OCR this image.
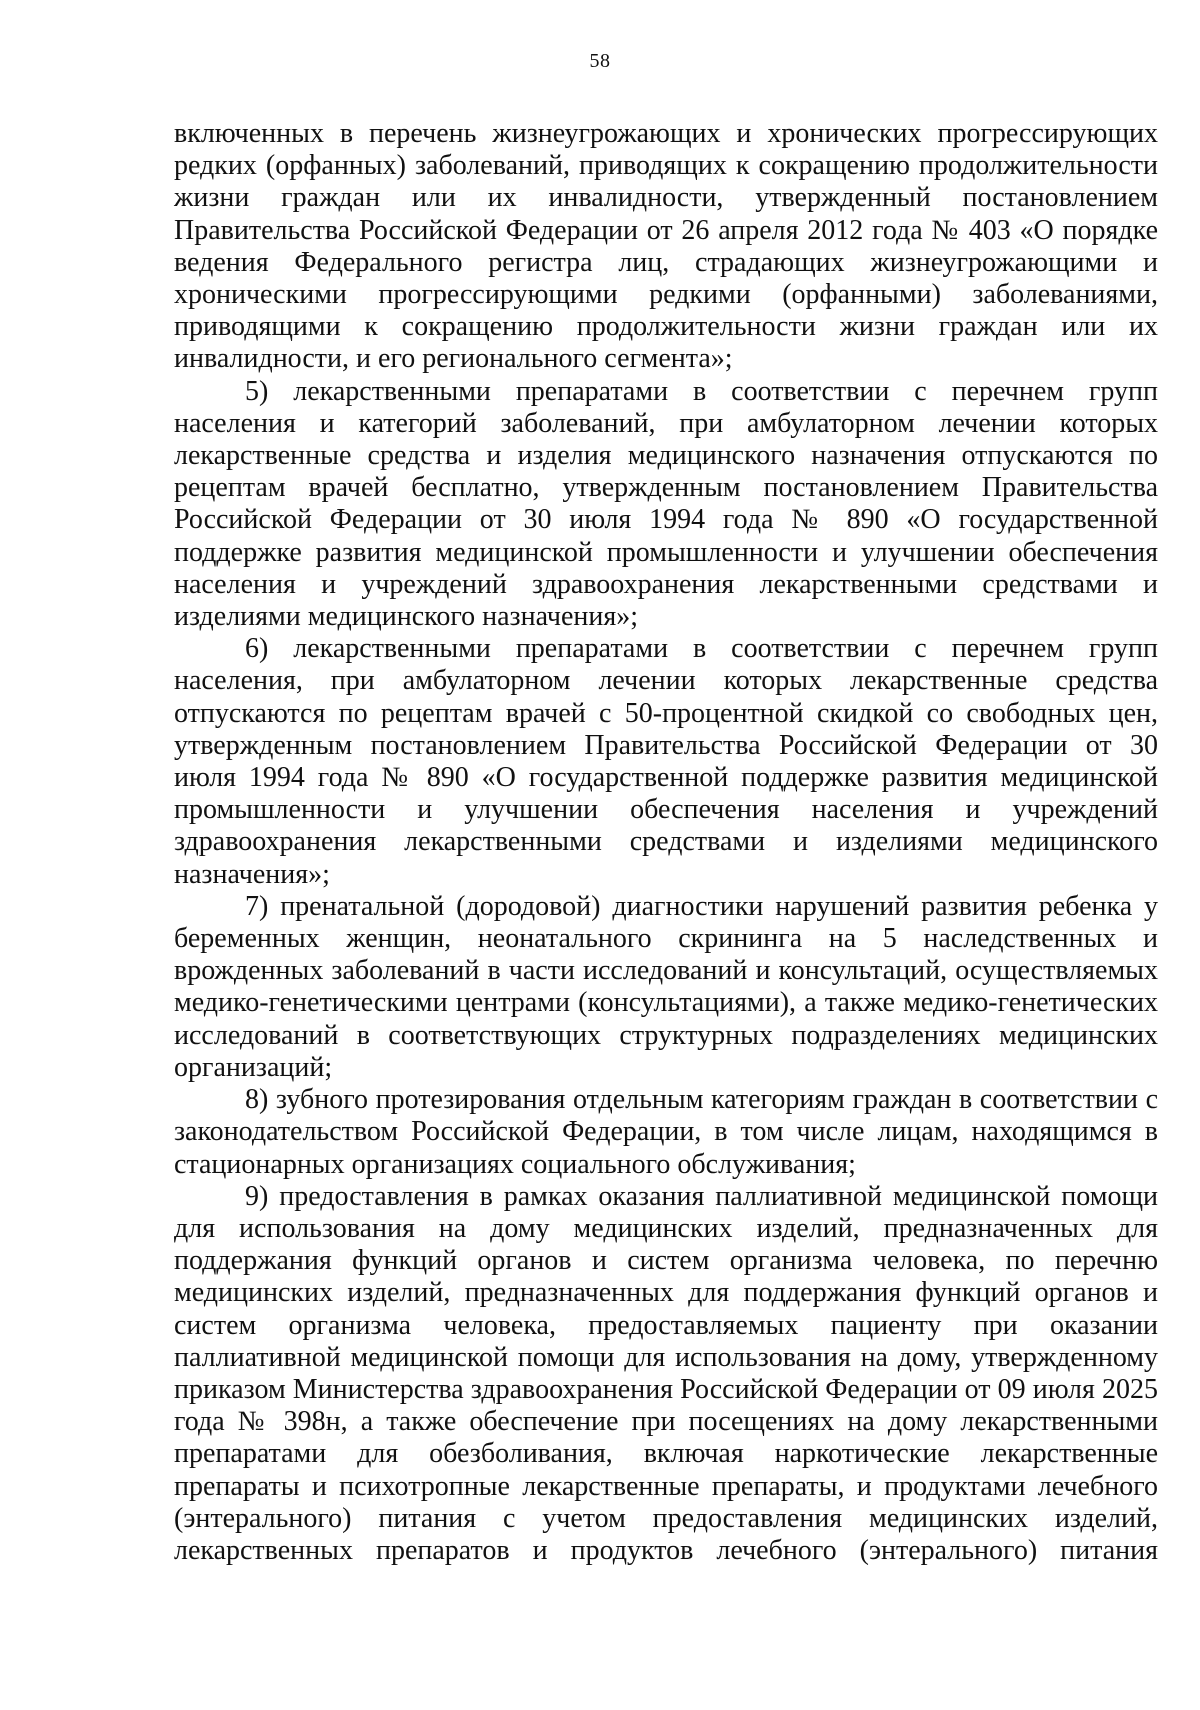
58

включенных в перечень жизнеугрожающих и хронических прогрессирующих редких (орфанных) заболеваний, приводящих к сокращению продолжительности жизни граждан или их инвалидности, утвержденный постановлением Правительства Российской Федерации от 26 апреля 2012 года № 403 «О порядке ведения Федерального регистра лиц, страдающих жизнеугрожающими и хроническими прогрессирующими редкими (орфанными) заболеваниями, приводящими к сокращению продолжительности жизни граждан или их инвалидности, и его регионального сегмента»;

5) лекарственными препаратами в соответствии с перечнем групп населения и категорий заболеваний, при амбулаторном лечении которых лекарственные средства и изделия медицинского назначения отпускаются по рецептам врачей бесплатно, утвержденным постановлением Правительства Российской Федерации от 30 июля 1994 года № 890 «О государственной поддержке развития медицинской промышленности и улучшении обеспечения населения и учреждений здравоохранения лекарственными средствами и изделиями медицинского назначения»;

6) лекарственными препаратами в соответствии с перечнем групп населения, при амбулаторном лечении которых лекарственные средства отпускаются по рецептам врачей с 50-процентной скидкой со свободных цен, утвержденным постановлением Правительства Российской Федерации от 30 июля 1994 года № 890 «О государственной поддержке развития медицинской промышленности и улучшении обеспечения населения и учреждений здравоохранения лекарственными средствами и изделиями медицинского назначения»;

7) пренатальной (дородовой) диагностики нарушений развития ребенка у беременных женщин, неонатального скрининга на 5 наследственных и врожденных заболеваний в части исследований и консультаций, осуществляемых медико-генетическими центрами (консультациями), а также медико-генетических исследований в соответствующих структурных подразделениях медицинских организаций;

8) зубного протезирования отдельным категориям граждан в соответствии с законодательством Российской Федерации, в том числе лицам, находящимся в стационарных организациях социального обслуживания;

9) предоставления в рамках оказания паллиативной медицинской помощи для использования на дому медицинских изделий, предназначенных для поддержания функций органов и систем организма человека, по перечню медицинских изделий, предназначенных для поддержания функций органов и систем организма человека, предоставляемых пациенту при оказании паллиативной медицинской помощи для использования на дому, утвержденному приказом Министерства здравоохранения Российской Федерации от 09 июля 2025 года № 398н, а также обеспечение при посещениях на дому лекарственными препаратами для обезболивания, включая наркотические лекарственные препараты и психотропные лекарственные препараты, и продуктами лечебного (энтерального) питания с учетом предоставления медицинских изделий, лекарственных препаратов и продуктов лечебного (энтерального) питания
